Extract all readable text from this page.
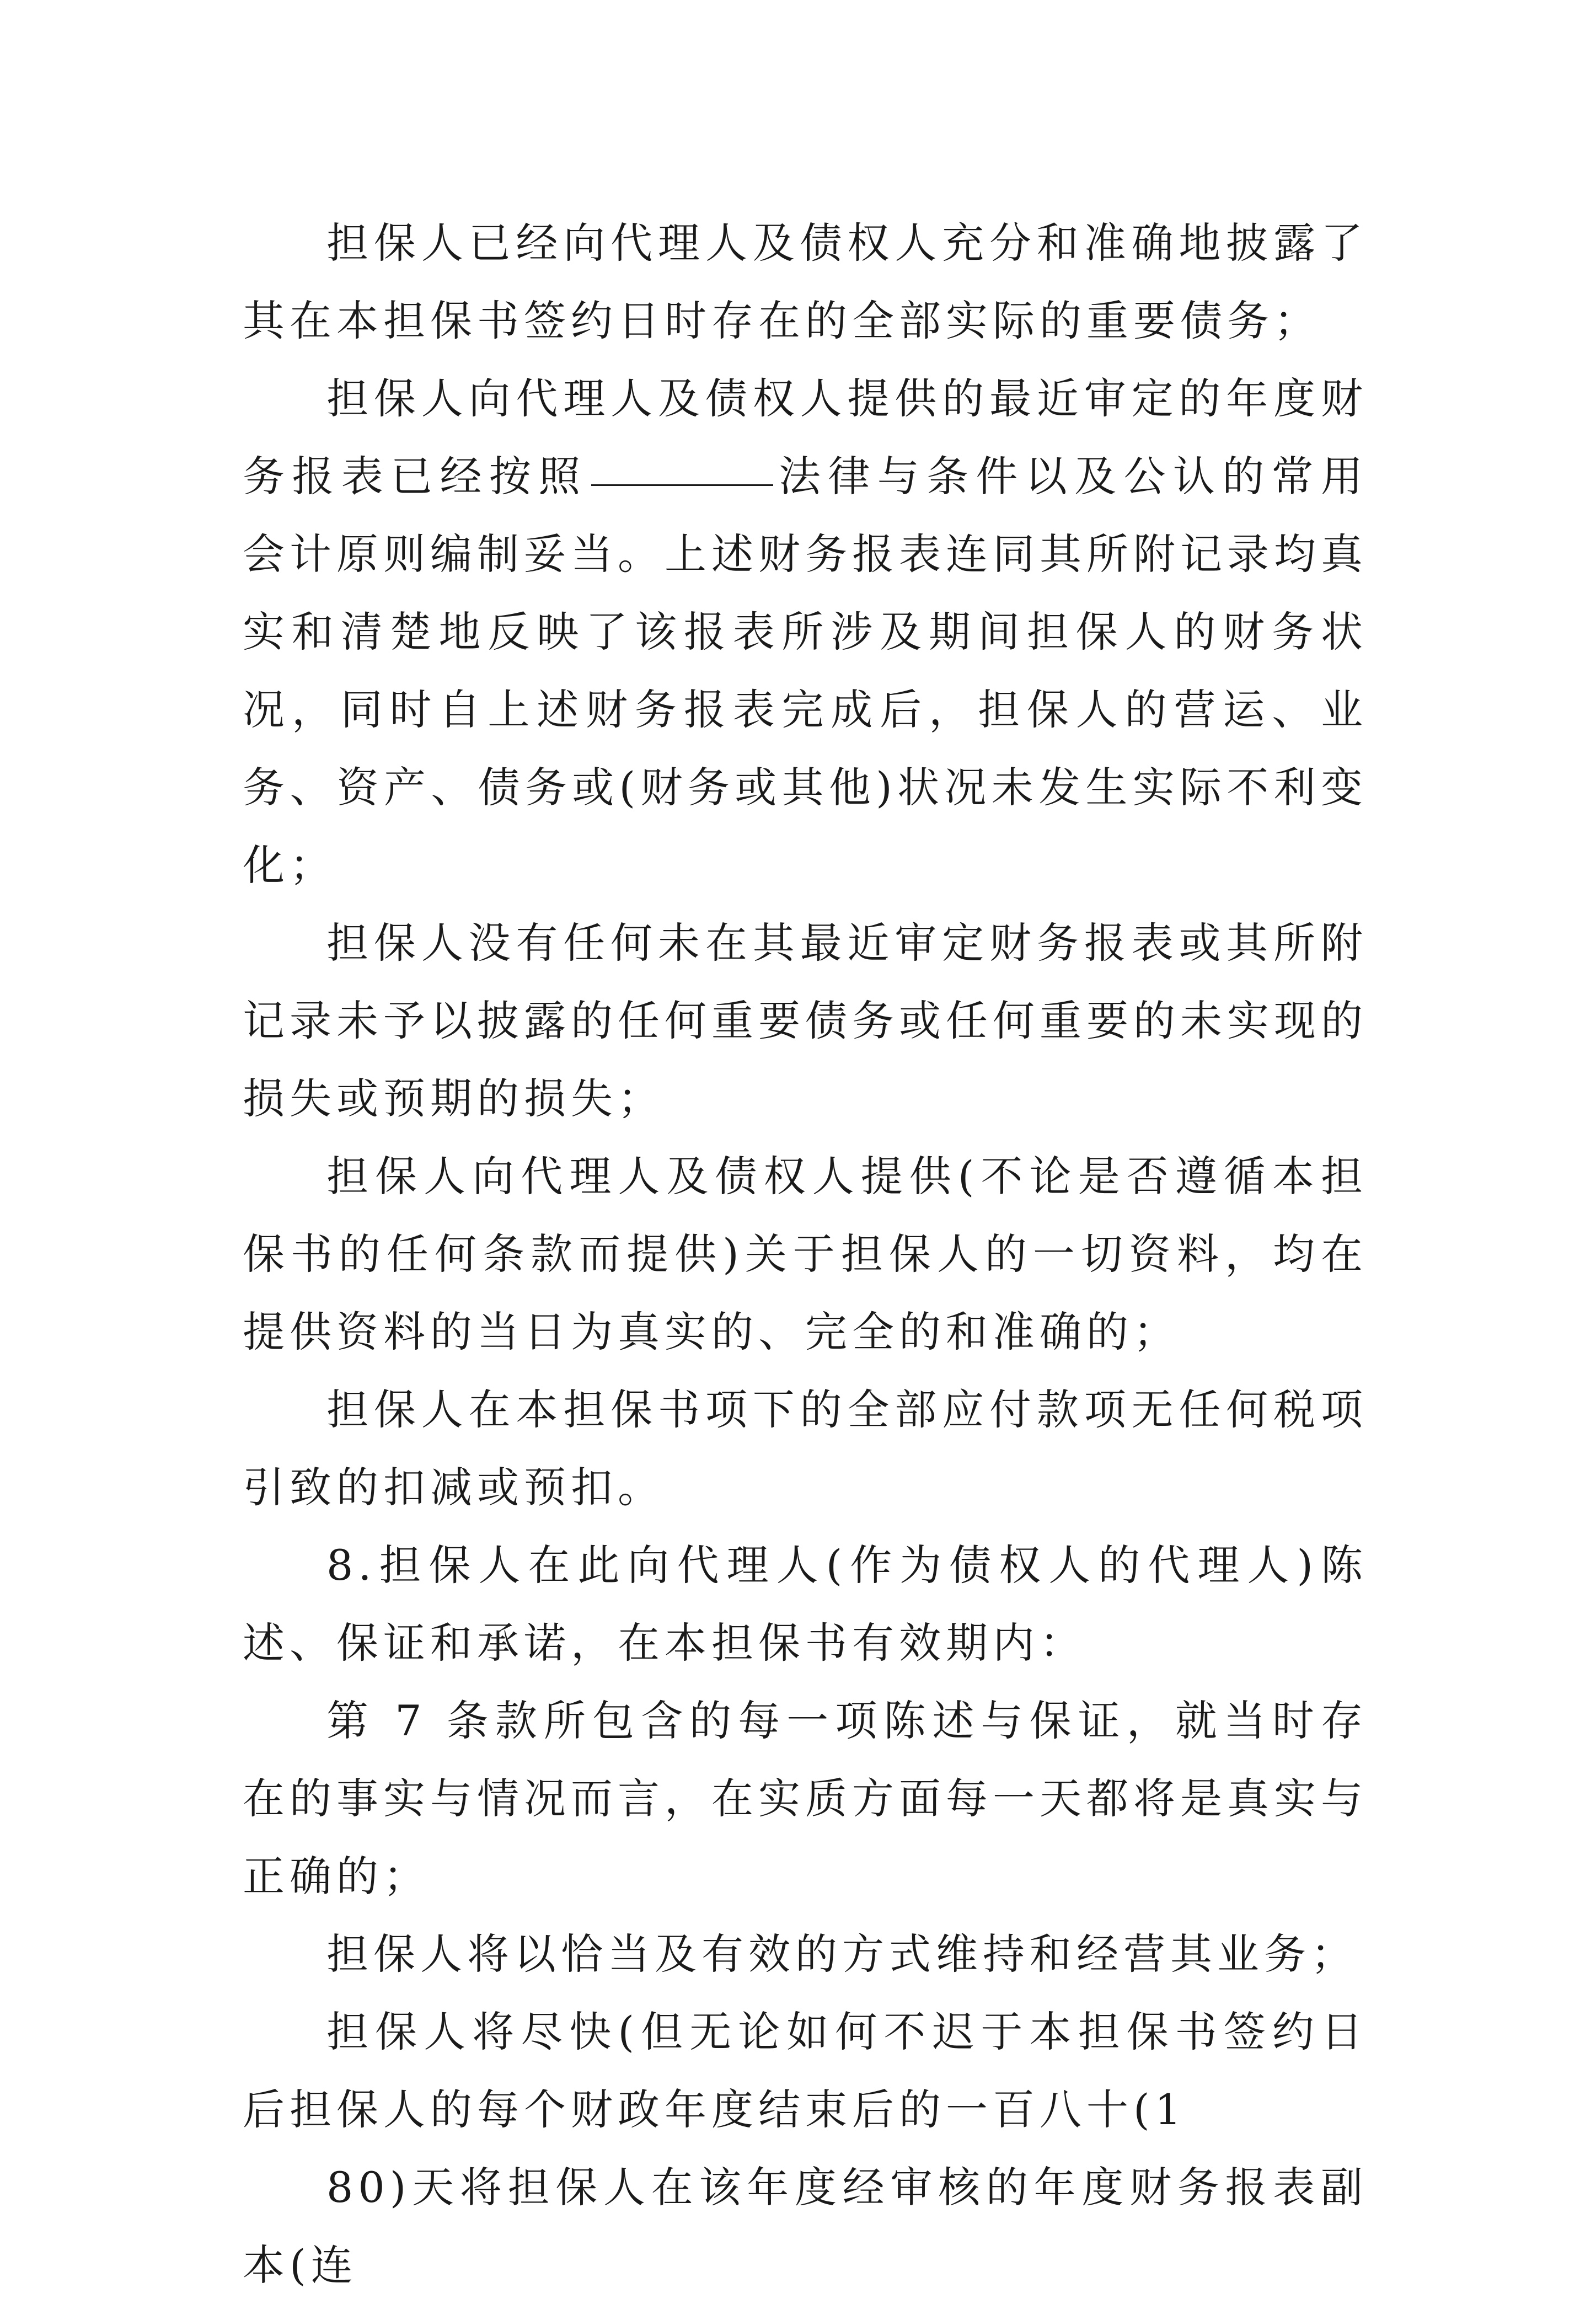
担保人已经向代理人及债权人充分和准确地披露了其在本担保书签约日时存在的全部实际的重要债务；

担保人向代理人及债权人提供的最近审定的年度财务报表已经按照	法律与条件以及公认的常用会计原则编制妥当。上述财务报表连同其所附记录均真实和清楚地反映了该报表所涉及期间担保人的财务状况，同时自上述财务报表完成后，担保人的营运、业务、资产、债务或(财务或其他)状况未发生实际不利变化；

担保人没有任何未在其最近审定财务报表或其所附记录未予以披露的任何重要债务或任何重要的未实现的损失或预期的损失；

担保人向代理人及债权人提供(不论是否遵循本担保书的任何条款而提供)关于担保人的一切资料，均在提供资料的当日为真实的、完全的和准确的；

担保人在本担保书项下的全部应付款项无任何税项引致的扣减或预扣。

8.担保人在此向代理人(作为债权人的代理人)陈述、保证和承诺，在本担保书有效期内：

第 7 条款所包含的每一项陈述与保证，就当时存在的事实与情况而言，在实质方面每一天都将是真实与正确的；

担保人将以恰当及有效的方式维持和经营其业务；

担保人将尽快(但无论如何不迟于本担保书签约日后担保人的每个财政年度结束后的一百八十(1

80)天将担保人在该年度经审核的年度财务报表副本(连
